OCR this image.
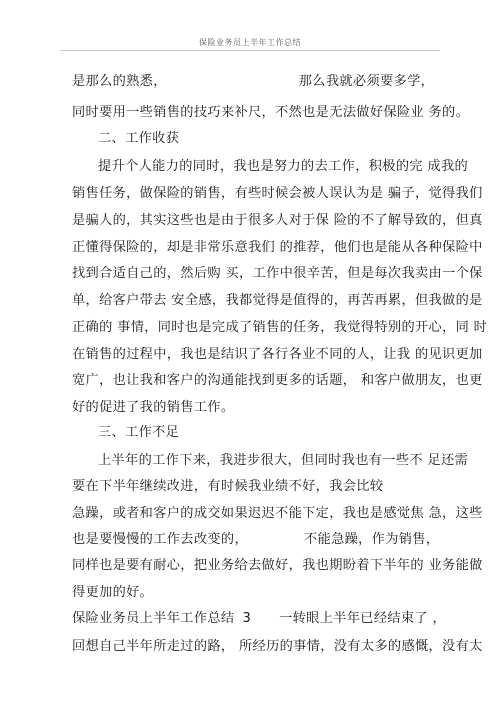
保险业务员上半年工作总结
是那么的熟悉，	那么我就必须要多学，
同时要用一些销售的技巧来补尺，不然也是无法做好保险业 务的。
二、工作收获
提升个人能力的同时，我也是努力的去工作，积极的完 成我的
销售任务，做保险的销售，有些时候会被人误认为是 骗子，觉得我们
是骗人的，其实这些也是由于很多人对于保 险的不了解导致的，但真
正懂得保险的，却是非常乐意我们 的推荐，他们也是能从各种保险中
找到合适自己的，然后购 买，工作中很辛苦，但是每次我卖由一个保
单，给客户带去 安全感，我都觉得是值得的，再苦再累，但我做的是
正确的 事情，同时也是完成了销售的任务，我觉得特别的开心，同 时
在销售的过程中，我也是结识了各行各业不同的人，让我 的见识更加
宽广，也让我和客户的沟通能找到更多的话题， 和客户做朋友，也更
好的促进了我的销售工作。
三、工作不足
上半年的工作下来，我进步很大，但同时我也有一些不 足还需
要在下半年继续改进，有时候我业绩不好，我会比较
急躁，或者和客户的成交如果迟迟不能下定，我也是感觉焦 急，这些
也是要慢慢的工作去改变的，	不能急躁，作为销售，
同样也是要有耐心，把业务给去做好，我也期盼着下半年的 业务能做
得更加的好。
保险业务员上半年工作总结 3 一转眼上半年已经结束了 ，
回想自己半年所走过的路， 所经历的事情，没有太多的感慨，没有太
